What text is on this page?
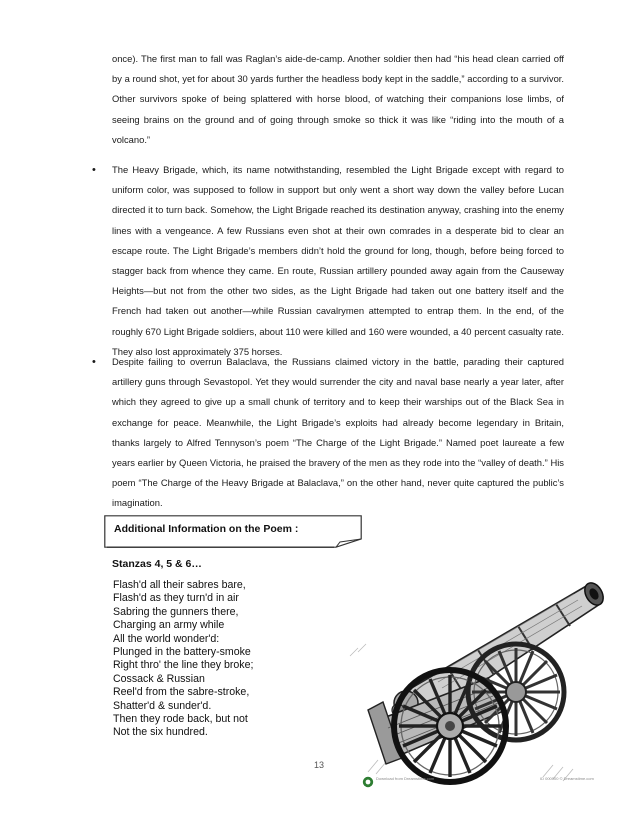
once). The first man to fall was Raglan’s aide-de-camp. Another soldier then had “his head clean carried off by a round shot, yet for about 30 yards further the headless body kept in the saddle,” according to a survivor. Other survivors spoke of being splattered with horse blood, of watching their companions lose limbs, of seeing brains on the ground and of going through smoke so thick it was like “riding into the mouth of a volcano.”

•	The Heavy Brigade, which, its name notwithstanding, resembled the Light Brigade except with regard to uniform color, was supposed to follow in support but only went a short way down the valley before Lucan directed it to turn back. Somehow, the Light Brigade reached its destination anyway, crashing into the enemy lines with a vengeance. A few Russians even shot at their own comrades in a desperate bid to clear an escape route. The Light Brigade’s members didn’t hold the ground for long, though, before being forced to stagger back from whence they came. En route, Russian artillery pounded away again from the Causeway Heights—but not from the other two sides, as the Light Brigade had taken out one battery itself and the French had taken out another—while Russian cavalrymen attempted to entrap them. In the end, of the roughly 670 Light Brigade soldiers, about 110 were killed and 160 were wounded, a 40 percent casualty rate. They also lost approximately 375 horses.

•	Despite failing to overrun Balaclava, the Russians claimed victory in the battle, parading their captured artillery guns through Sevastopol. Yet they would surrender the city and naval base nearly a year later, after which they agreed to give up a small chunk of territory and to keep their warships out of the Black Sea in exchange for peace. Meanwhile, the Light Brigade’s exploits had already become legendary in Britain, thanks largely to Alfred Tennyson’s poem “The Charge of the Light Brigade.” Named poet laureate a few years earlier by Queen Victoria, he praised the bravery of the men as they rode into the “valley of death.” His poem “The Charge of the Heavy Brigade at Balaclava,” on the other hand, never quite captured the public’s imagination.

Additional Information on the Poem :
Stanzas 4, 5 & 6…
Flash'd all their sabres bare,
Flash'd as they turn'd in air
Sabring the gunners there,
Charging an army while
All the world wonder'd:
Plunged in the battery-smoke
Right thro' the line they broke;
Cossack & Russian
Reel'd from the sabre-stroke,
Shatter'd & sunder'd.
Then they rode back, but not
Not the six hundred.
13
Download from Dreamstime.com	ID 000000 © Dreamstime.com
